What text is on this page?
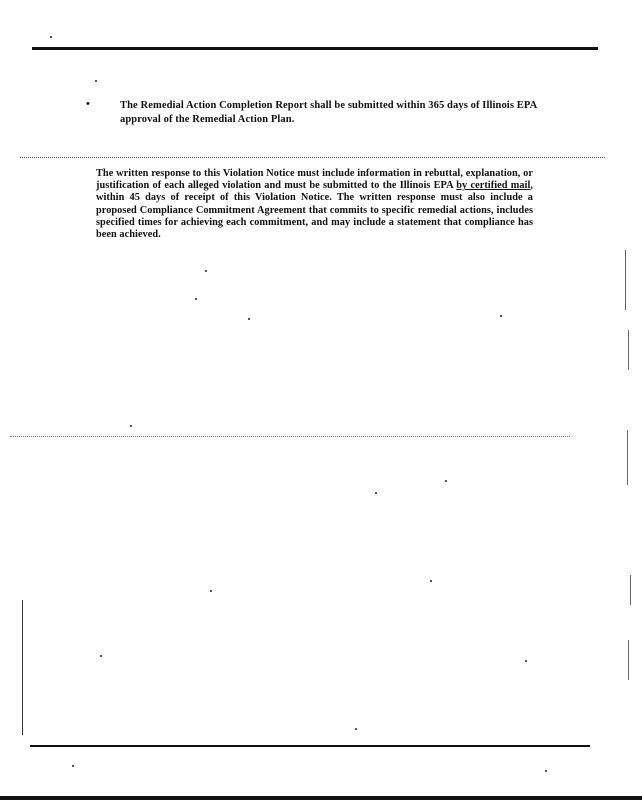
•	The Remedial Action Completion Report shall be submitted within 365 days of Illinois EPA approval of the Remedial Action Plan.
The written response to this Violation Notice must include information in rebuttal, explanation, or justification of each alleged violation and must be submitted to the Illinois EPA by certified mail, within 45 days of receipt of this Violation Notice. The written response must also include a proposed Compliance Commitment Agreement that commits to specific remedial actions, includes specified times for achieving each commitment, and may include a statement that compliance has been achieved.
